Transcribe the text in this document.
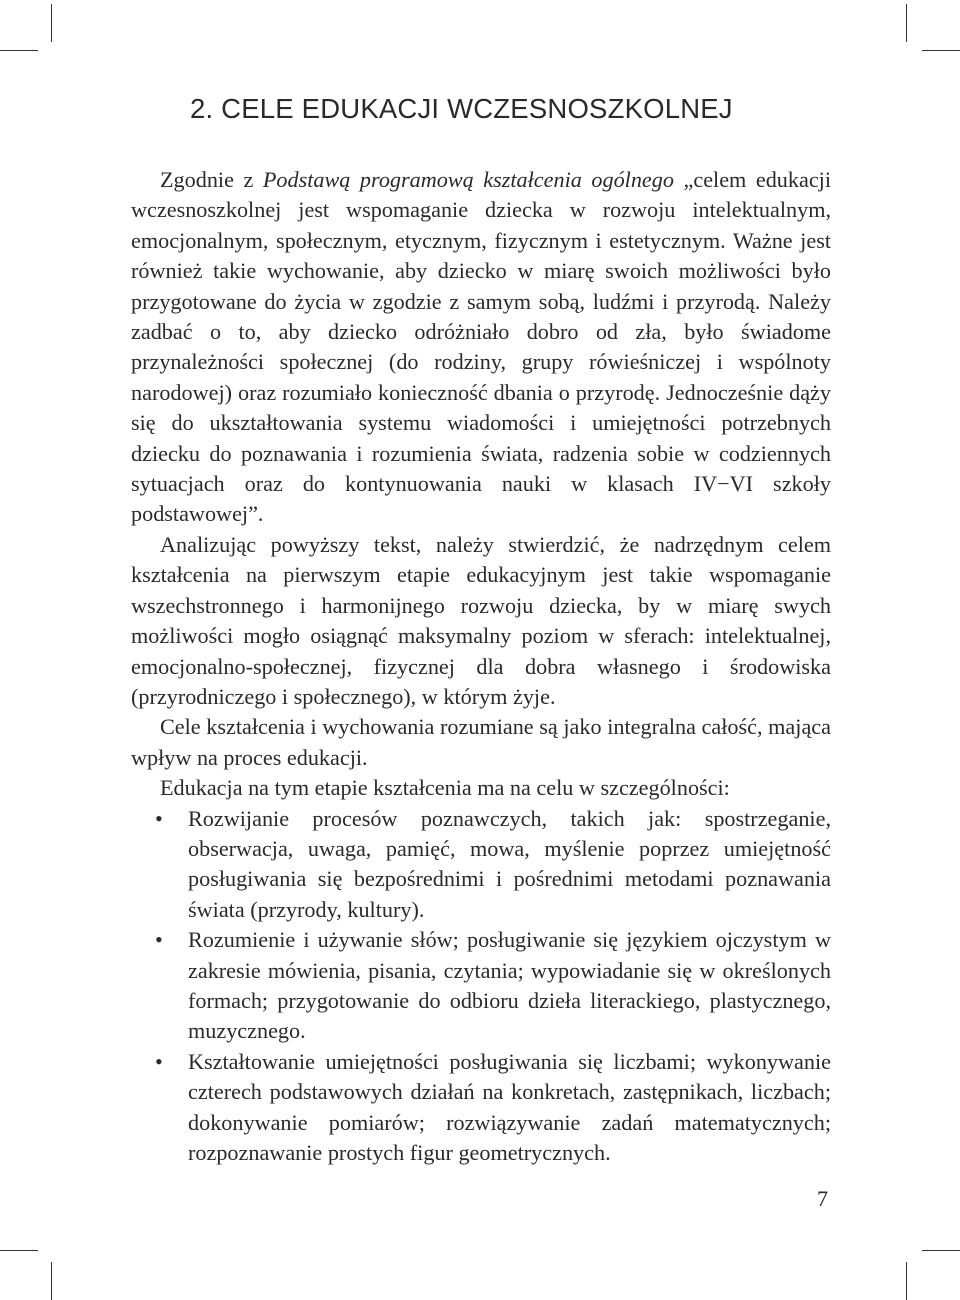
2. CELE EDUKACJI WCZESNOSZKOLNEJ

Zgodnie z Podstawą programową kształcenia ogólnego „celem edukacji wczesnoszkolnej jest wspomaganie dziecka w rozwoju intelektualnym, emocjonalnym, społecznym, etycznym, fizycznym i estetycznym. Ważne jest również takie wychowanie, aby dziecko w miarę swoich możliwości było przygotowane do życia w zgodzie z samym sobą, ludźmi i przyrodą. Należy zadbać o to, aby dziecko odróżniało dobro od zła, było świadome przynależności społecznej (do rodziny, grupy rówieśniczej i wspólnoty narodowej) oraz rozumiało konieczność dbania o przyrodę. Jednocześnie dąży się do ukształtowania systemu wiadomości i umiejętności potrzebnych dziecku do poznawania i rozumienia świata, radzenia sobie w codziennych sytuacjach oraz do kontynuowania nauki w klasach IV−VI szkoły podstawowej”.

Analizując powyższy tekst, należy stwierdzić, że nadrzędnym celem kształcenia na pierwszym etapie edukacyjnym jest takie wspomaganie wszechstronnego i harmonijnego rozwoju dziecka, by w miarę swych możliwości mogło osiągnąć maksymalny poziom w sferach: intelektualnej, emocjonalno-społecznej, fizycznej dla dobra własnego i środowiska (przyrodniczego i społecznego), w którym żyje.

Cele kształcenia i wychowania rozumiane są jako integralna całość, mająca wpływ na proces edukacji.

Edukacja na tym etapie kształcenia ma na celu w szczególności:

• Rozwijanie procesów poznawczych, takich jak: spostrzeganie, obserwacja, uwaga, pamięć, mowa, myślenie poprzez umiejętność posługiwania się bezpośrednimi i pośrednimi metodami poznawania świata (przyrody, kultury).
• Rozumienie i używanie słów; posługiwanie się językiem ojczystym w zakresie mówienia, pisania, czytania; wypowiadanie się w określonych formach; przygotowanie do odbioru dzieła literackiego, plastycznego, muzycznego.
• Kształtowanie umiejętności posługiwania się liczbami; wykonywanie czterech podstawowych działań na konkretach, zastępnikach, liczbach; dokonywanie pomiarów; rozwiązywanie zadań matematycznych; rozpoznawanie prostych figur geometrycznych.
7
